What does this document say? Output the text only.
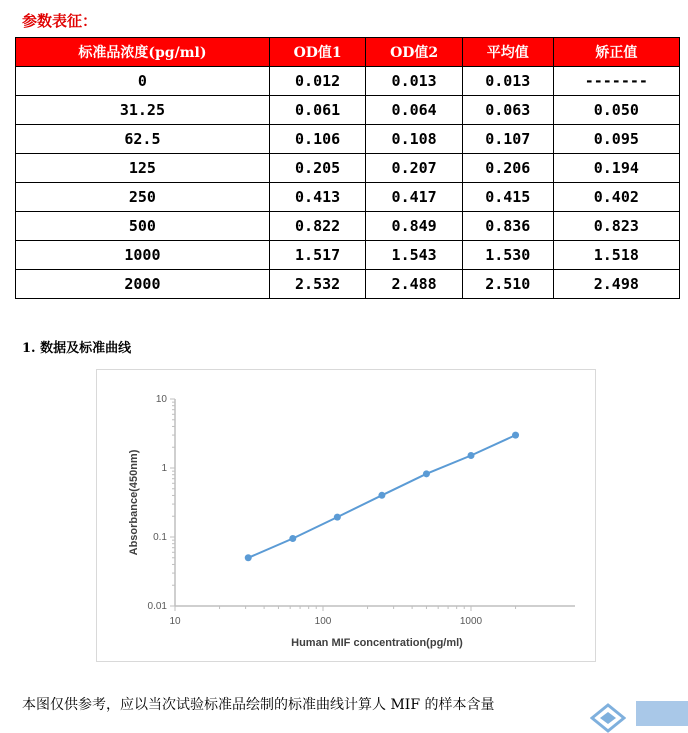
参数表征：
标准品浓度(pg/ml)	OD值1	OD值2	平均值	矫正值
0	0.012	0.013	0.013	-------
31.25	0.061	0.064	0.063	0.050
62.5	0.106	0.108	0.107	0.095
125	0.205	0.207	0.206	0.194
250	0.413	0.417	0.415	0.402
500	0.822	0.849	0.836	0.823
1000	1.517	1.543	1.530	1.518
2000	2.532	2.488	2.510	2.498
1. 数据及标准曲线
0.01
0.1
1
10
10	100	1000
Absorbance(450nm)
Human MIF concentration(pg/ml)
本图仅供参考，应以当次试验标准品绘制的标准曲线计算人 MIF 的样本含量
